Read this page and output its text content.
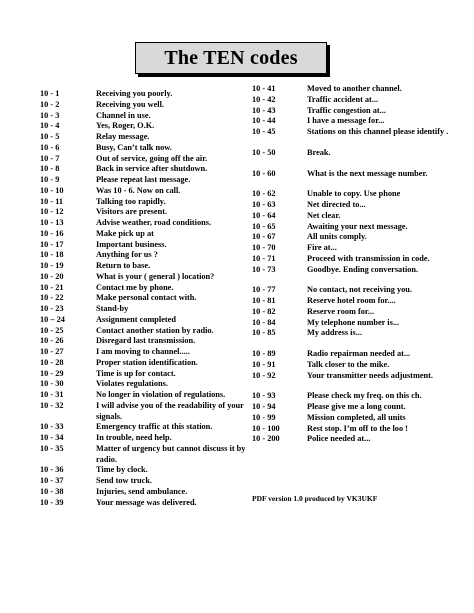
The TEN codes
10 - 1	Receiving you poorly.
10 - 2	Receiving you well.
10 - 3	Channel in use.
10 - 4	Yes, Roger, O.K.
10 - 5	Relay message.
10 - 6	Busy, Can’t talk now.
10 - 7	Out of service, going off the air.
10 - 8	Back in service after shutdown.
10 - 9	Please repeat last message.
10 - 10	Was 10 - 6. Now on call.
10 - 11	Talking too rapidly.
10 - 12	Visitors are present.
10 - 13	Advise weather, road conditions.
10 - 16	Make pick up at
10 - 17	Important business.
10 - 18	Anything for us ?
10 - 19	Return to base.
10 - 20	What is your ( general ) location?
10 - 21	Contact me by phone.
10 - 22	Make personal contact with.
10 - 23	Stand-by
10 – 24	Assignment completed
10 - 25	Contact another station by radio.
10 - 26	Disregard last transmission.
10 - 27	I am moving to channel.....
10 - 28	Proper station identification.
10 - 29	Time is up for contact.
10 - 30	Violates regulations.
10 - 31	No longer in violation of regulations.
10 - 32	I will advise you of the readability of your signals.
10 - 33	Emergency traffic at this station.
10 - 34	In trouble, need help.
10 - 35	Matter of urgency but cannot discuss it by radio.
10 - 36	Time by clock.
10 - 37	Send tow truck.
10 - 38	Injuries, send ambulance.
10 - 39	Your message was delivered.
10 - 41	Moved to another channel.
10 - 42	Traffic accident at...
10 - 43	Traffic congestion at...
10 - 44	I have a message for...
10 - 45	Stations on this channel please identify .
10 - 50	Break.
10 - 60	What is the next message number.
10 - 62	Unable to copy. Use phone
10 - 63	Net directed to...
10 - 64	Net clear.
10 - 65	Awaiting your next message.
10 - 67	All units comply.
10 - 70	Fire at...
10 - 71	Proceed with transmission in code.
10 - 73	Goodbye. Ending conversation.
10 - 77	No contact, not receiving you.
10 - 81	Reserve hotel room for....
10 - 82	Reserve room for...
10 - 84	My telephone number is...
10 - 85	My address is...
10 - 89	Radio repairman needed at...
10 - 91	Talk closer to the mike.
10 - 92	Your transmitter needs adjustment.
10 - 93	Please check my freq. on this ch.
10 - 94	Please give me a long count.
10 - 99	Mission completed, all units
10 - 100	Rest stop. I’m off to the loo !
10 - 200	Police needed at...
PDF version 1.0 produced by VK3UKF
